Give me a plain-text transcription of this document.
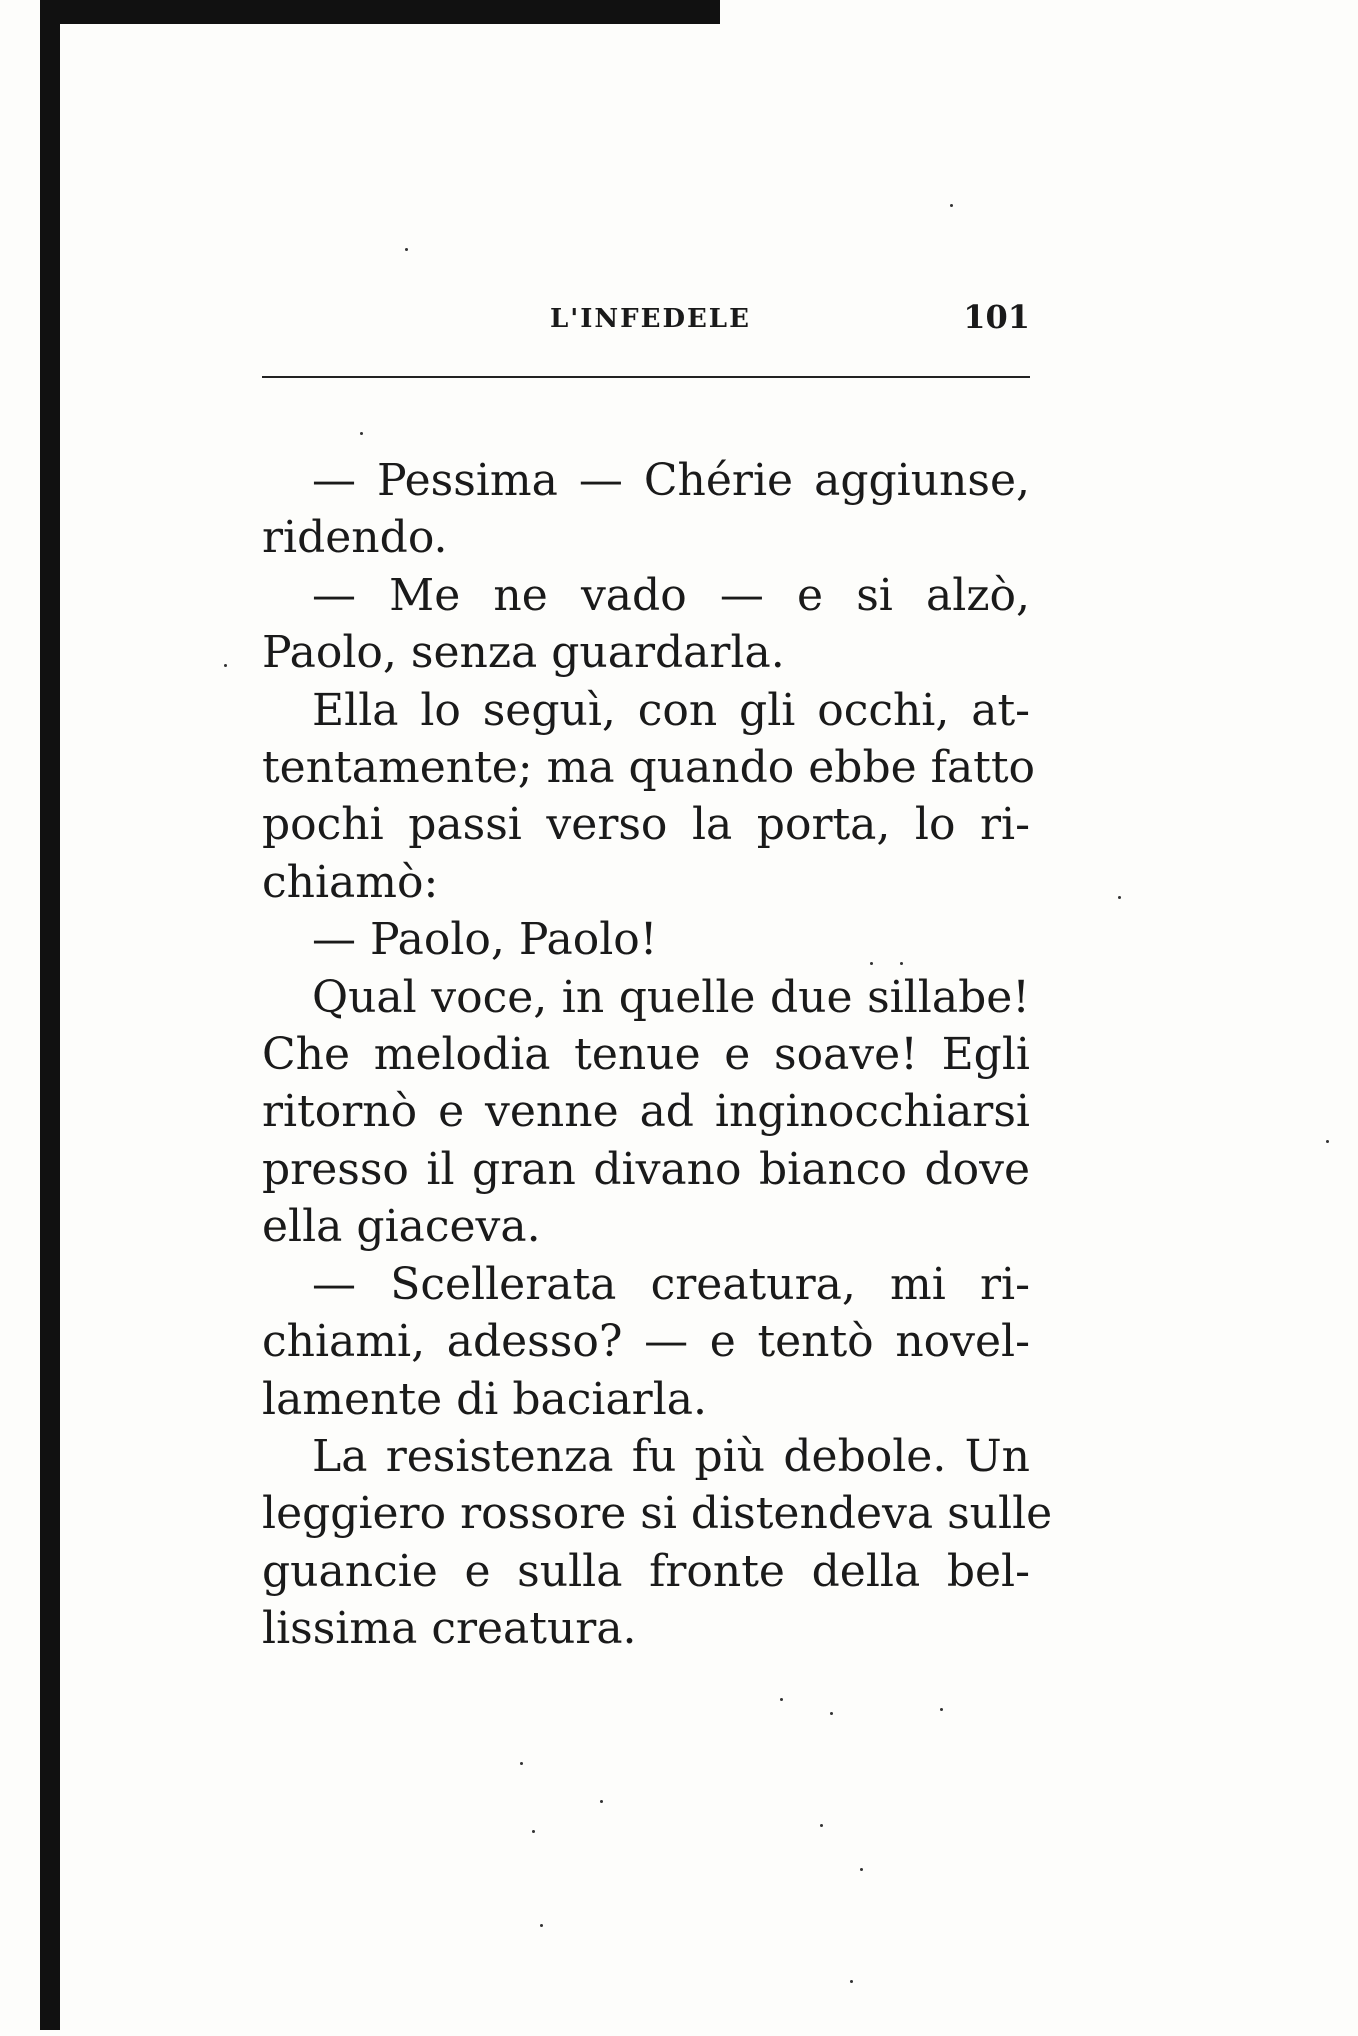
L'INFEDELE	101
— Pessima — Chérie aggiunse,
ridendo.
— Me ne vado — e si alzò,
Paolo, senza guardarla.
Ella lo seguì, con gli occhi, at-
tentamente; ma quando ebbe fatto
pochi passi verso la porta, lo ri-
chiamò:
— Paolo, Paolo!
Qual voce, in quelle due sillabe!
Che melodia tenue e soave! Egli
ritornò e venne ad inginocchiarsi
presso il gran divano bianco dove
ella giaceva.
— Scellerata creatura, mi ri-
chiami, adesso? — e tentò novel-
lamente di baciarla.
La resistenza fu più debole. Un
leggiero rossore si distendeva sulle
guancie e sulla fronte della bel-
lissima creatura.
